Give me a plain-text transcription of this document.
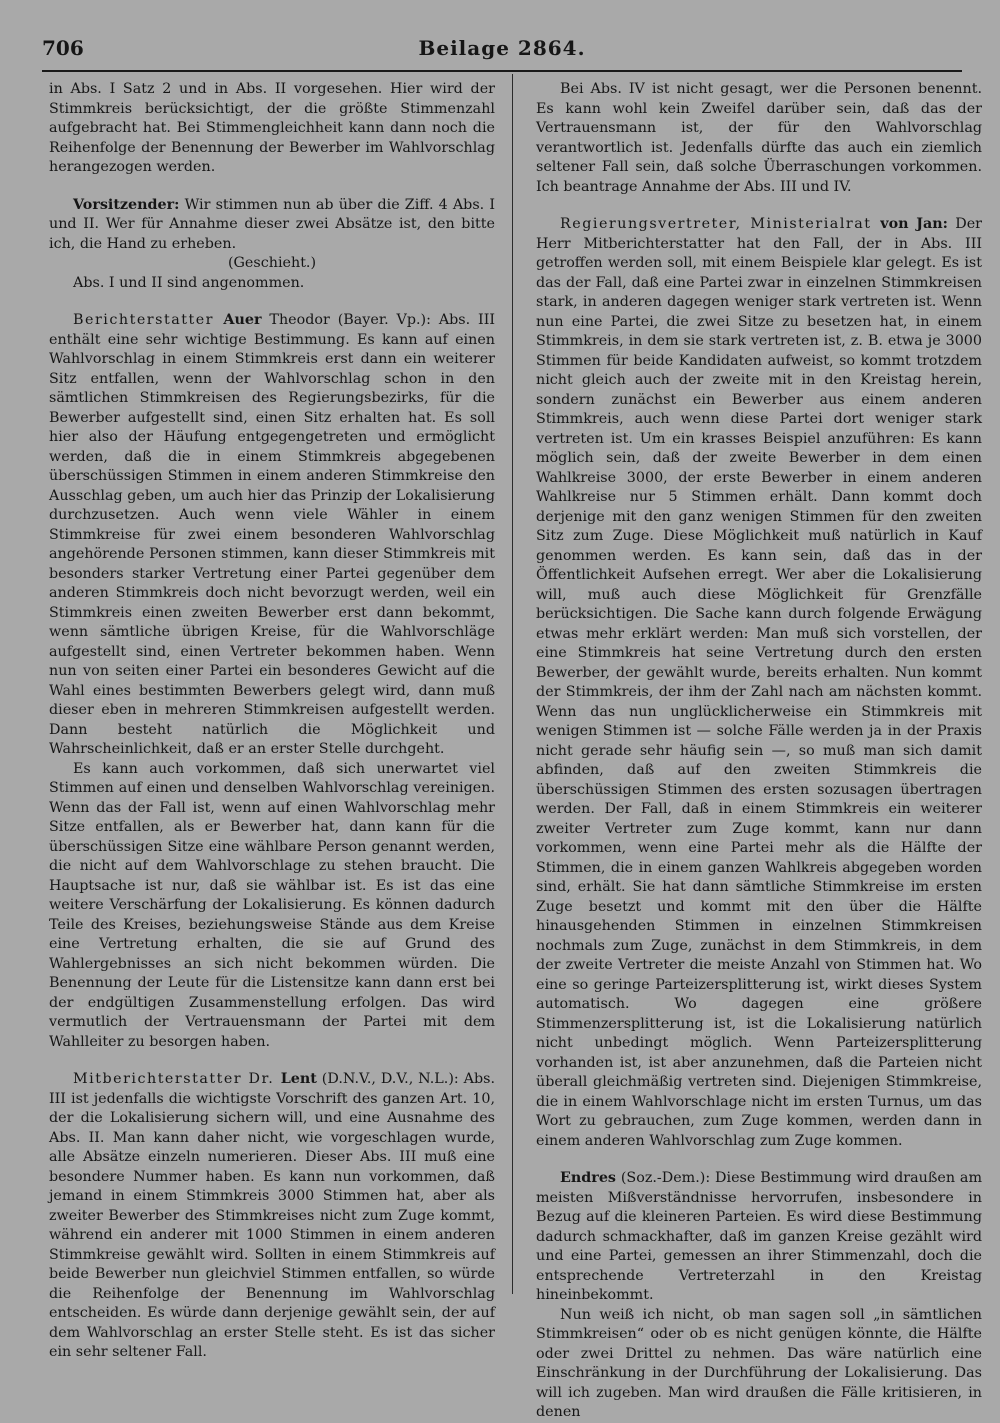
706	Beilage 2864.

in Abs. I Satz 2 und in Abs. II vorgesehen. Hier wird der Stimmkreis berücksichtigt, der die größte Stimmenzahl aufgebracht hat. Bei Stimmengleichheit kann dann noch die Reihenfolge der Benennung der Bewerber im Wahlvorschlag herangezogen werden.

Vorsitzender: Wir stimmen nun ab über die Ziff. 4 Abs. I und II. Wer für Annahme dieser zwei Absätze ist, den bitte ich, die Hand zu erheben.

(Geschieht.)

Abs. I und II sind angenommen.

Berichterstatter Auer Theodor (Bayer. Vp.): Abs. III enthält eine sehr wichtige Bestimmung. Es kann auf einen Wahlvorschlag in einem Stimmkreis erst dann ein weiterer Sitz entfallen, wenn der Wahlvorschlag schon in den sämtlichen Stimmkreisen des Regierungsbezirks, für die Bewerber aufgestellt sind, einen Sitz erhalten hat. Es soll hier also der Häufung entgegengetreten und ermöglicht werden, daß die in einem Stimmkreis abgegebenen überschüssigen Stimmen in einem anderen Stimmkreise den Ausschlag geben, um auch hier das Prinzip der Lokalisierung durchzusetzen. Auch wenn viele Wähler in einem Stimmkreise für zwei einem besonderen Wahlvorschlag angehörende Personen stimmen, kann dieser Stimmkreis mit besonders starker Vertretung einer Partei gegenüber dem anderen Stimmkreis doch nicht bevorzugt werden, weil ein Stimmkreis einen zweiten Bewerber erst dann bekommt, wenn sämtliche übrigen Kreise, für die Wahlvorschläge aufgestellt sind, einen Vertreter bekommen haben. Wenn nun von seiten einer Partei ein besonderes Gewicht auf die Wahl eines bestimmten Bewerbers gelegt wird, dann muß dieser eben in mehreren Stimmkreisen aufgestellt werden. Dann besteht natürlich die Möglichkeit und Wahrscheinlichkeit, daß er an erster Stelle durchgeht.

Es kann auch vorkommen, daß sich unerwartet viel Stimmen auf einen und denselben Wahlvorschlag vereinigen. Wenn das der Fall ist, wenn auf einen Wahlvorschlag mehr Sitze entfallen, als er Bewerber hat, dann kann für die überschüssigen Sitze eine wählbare Person genannt werden, die nicht auf dem Wahlvorschlage zu stehen braucht. Die Hauptsache ist nur, daß sie wählbar ist. Es ist das eine weitere Verschärfung der Lokalisierung. Es können dadurch Teile des Kreises, beziehungsweise Stände aus dem Kreise eine Vertretung erhalten, die sie auf Grund des Wahlergebnisses an sich nicht bekommen würden. Die Benennung der Leute für die Listensitze kann dann erst bei der endgültigen Zusammenstellung erfolgen. Das wird vermutlich der Vertrauensmann der Partei mit dem Wahlleiter zu besorgen haben.

Mitberichterstatter Dr. Lent (D.N.V., D.V., N.L.): Abs. III ist jedenfalls die wichtigste Vorschrift des ganzen Art. 10, der die Lokalisierung sichern will, und eine Ausnahme des Abs. II. Man kann daher nicht, wie vorgeschlagen wurde, alle Absätze einzeln numerieren. Dieser Abs. III muß eine besondere Nummer haben. Es kann nun vorkommen, daß jemand in einem Stimmkreis 3000 Stimmen hat, aber als zweiter Bewerber des Stimmkreises nicht zum Zuge kommt, während ein anderer mit 1000 Stimmen in einem anderen Stimmkreise gewählt wird. Sollten in einem Stimmkreis auf beide Bewerber nun gleichviel Stimmen entfallen, so würde die Reihenfolge der Benennung im Wahlvorschlag entscheiden. Es würde dann derjenige gewählt sein, der auf dem Wahlvorschlag an erster Stelle steht. Es ist das sicher ein sehr seltener Fall.

Bei Abs. IV ist nicht gesagt, wer die Personen benennt. Es kann wohl kein Zweifel darüber sein, daß das der Vertrauensmann ist, der für den Wahlvorschlag verantwortlich ist. Jedenfalls dürfte das auch ein ziemlich seltener Fall sein, daß solche Überraschungen vorkommen. Ich beantrage Annahme der Abs. III und IV.

Regierungsvertreter, Ministerialrat von Jan: Der Herr Mitberichterstatter hat den Fall, der in Abs. III getroffen werden soll, mit einem Beispiele klar gelegt. Es ist das der Fall, daß eine Partei zwar in einzelnen Stimmkreisen stark, in anderen dagegen weniger stark vertreten ist. Wenn nun eine Partei, die zwei Sitze zu besetzen hat, in einem Stimmkreis, in dem sie stark vertreten ist, z. B. etwa je 3000 Stimmen für beide Kandidaten aufweist, so kommt trotzdem nicht gleich auch der zweite mit in den Kreistag herein, sondern zunächst ein Bewerber aus einem anderen Stimmkreis, auch wenn diese Partei dort weniger stark vertreten ist. Um ein krasses Beispiel anzuführen: Es kann möglich sein, daß der zweite Bewerber in dem einen Wahlkreise 3000, der erste Bewerber in einem anderen Wahlkreise nur 5 Stimmen erhält. Dann kommt doch derjenige mit den ganz wenigen Stimmen für den zweiten Sitz zum Zuge. Diese Möglichkeit muß natürlich in Kauf genommen werden. Es kann sein, daß das in der Öffentlichkeit Aufsehen erregt. Wer aber die Lokalisierung will, muß auch diese Möglichkeit für Grenzfälle berücksichtigen. Die Sache kann durch folgende Erwägung etwas mehr erklärt werden: Man muß sich vorstellen, der eine Stimmkreis hat seine Vertretung durch den ersten Bewerber, der gewählt wurde, bereits erhalten. Nun kommt der Stimmkreis, der ihm der Zahl nach am nächsten kommt. Wenn das nun unglücklicherweise ein Stimmkreis mit wenigen Stimmen ist — solche Fälle werden ja in der Praxis nicht gerade sehr häufig sein —, so muß man sich damit abfinden, daß auf den zweiten Stimmkreis die überschüssigen Stimmen des ersten sozusagen übertragen werden. Der Fall, daß in einem Stimmkreis ein weiterer zweiter Vertreter zum Zuge kommt, kann nur dann vorkommen, wenn eine Partei mehr als die Hälfte der Stimmen, die in einem ganzen Wahlkreis abgegeben worden sind, erhält. Sie hat dann sämtliche Stimmkreise im ersten Zuge besetzt und kommt mit den über die Hälfte hinausgehenden Stimmen in einzelnen Stimmkreisen nochmals zum Zuge, zunächst in dem Stimmkreis, in dem der zweite Vertreter die meiste Anzahl von Stimmen hat. Wo eine so geringe Parteizersplitterung ist, wirkt dieses System automatisch. Wo dagegen eine größere Stimmenzersplitterung ist, ist die Lokalisierung natürlich nicht unbedingt möglich. Wenn Parteizersplitterung vorhanden ist, ist aber anzunehmen, daß die Parteien nicht überall gleichmäßig vertreten sind. Diejenigen Stimmkreise, die in einem Wahlvorschlage nicht im ersten Turnus, um das Wort zu gebrauchen, zum Zuge kommen, werden dann in einem anderen Wahlvorschlag zum Zuge kommen.

Endres (Soz.-Dem.): Diese Bestimmung wird draußen am meisten Mißverständnisse hervorrufen, insbesondere in Bezug auf die kleineren Parteien. Es wird diese Bestimmung dadurch schmackhafter, daß im ganzen Kreise gezählt wird und eine Partei, gemessen an ihrer Stimmenzahl, doch die entsprechende Vertreterzahl in den Kreistag hineinbekommt.

Nun weiß ich nicht, ob man sagen soll „in sämtlichen Stimmkreisen“ oder ob es nicht genügen könnte, die Hälfte oder zwei Drittel zu nehmen. Das wäre natürlich eine Einschränkung in der Durchführung der Lokalisierung. Das will ich zugeben. Man wird draußen die Fälle kritisieren, in denen
